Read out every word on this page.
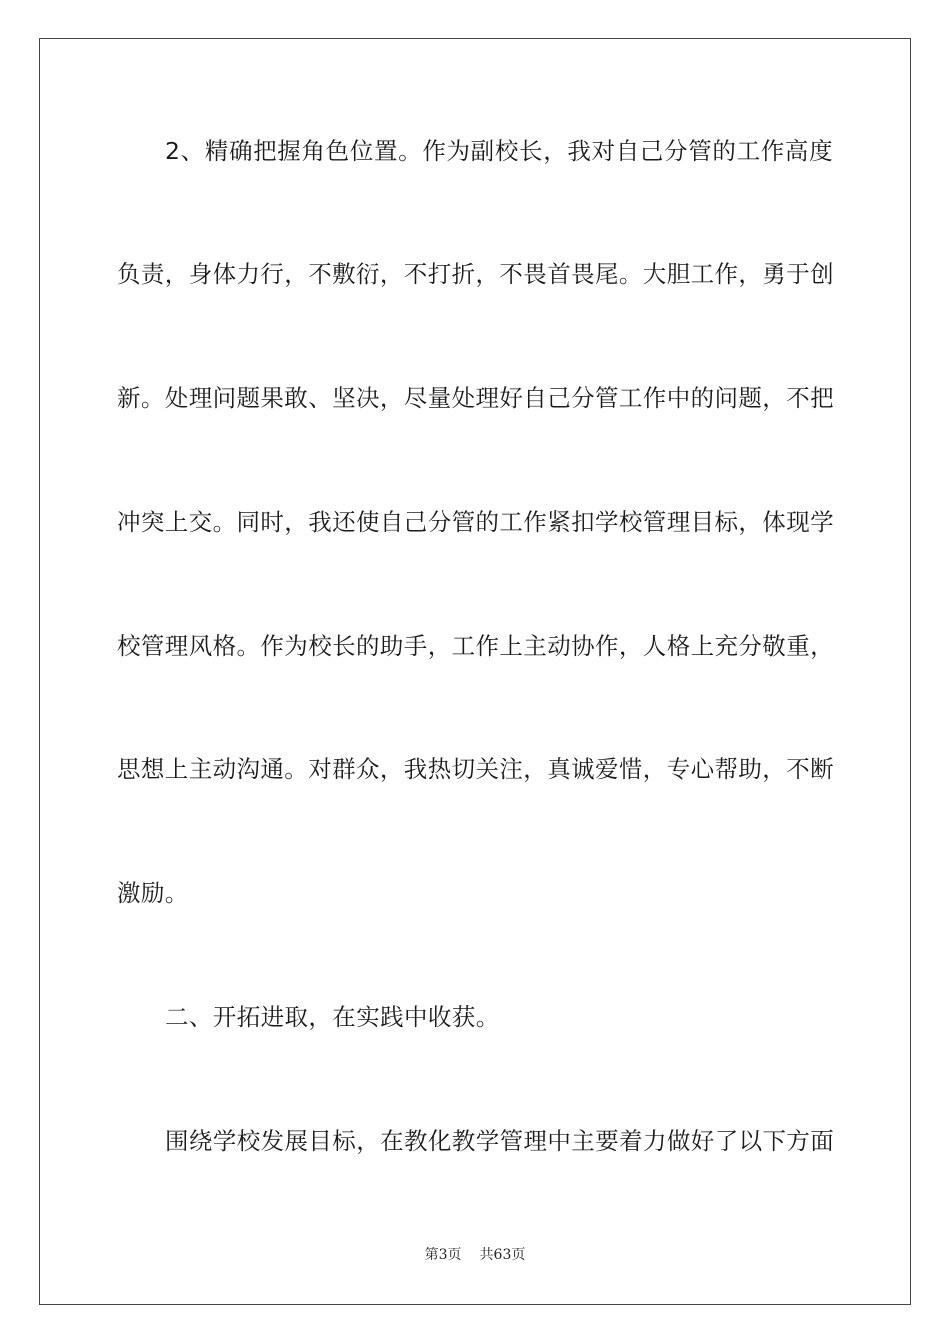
2、精确把握角色位置。作为副校长，我对自己分管的工作高度
负责，身体力行，不敷衍，不打折，不畏首畏尾。大胆工作，勇于创
新。处理问题果敢、坚决，尽量处理好自己分管工作中的问题，不把
冲突上交。同时，我还使自己分管的工作紧扣学校管理目标，体现学
校管理风格。作为校长的助手，工作上主动协作，人格上充分敬重，
思想上主动沟通。对群众，我热切关注，真诚爱惜，专心帮助，不断
激励。
二、开拓进取，在实践中收获。
围绕学校发展目标，在教化教学管理中主要着力做好了以下方面
第3页 共63页
